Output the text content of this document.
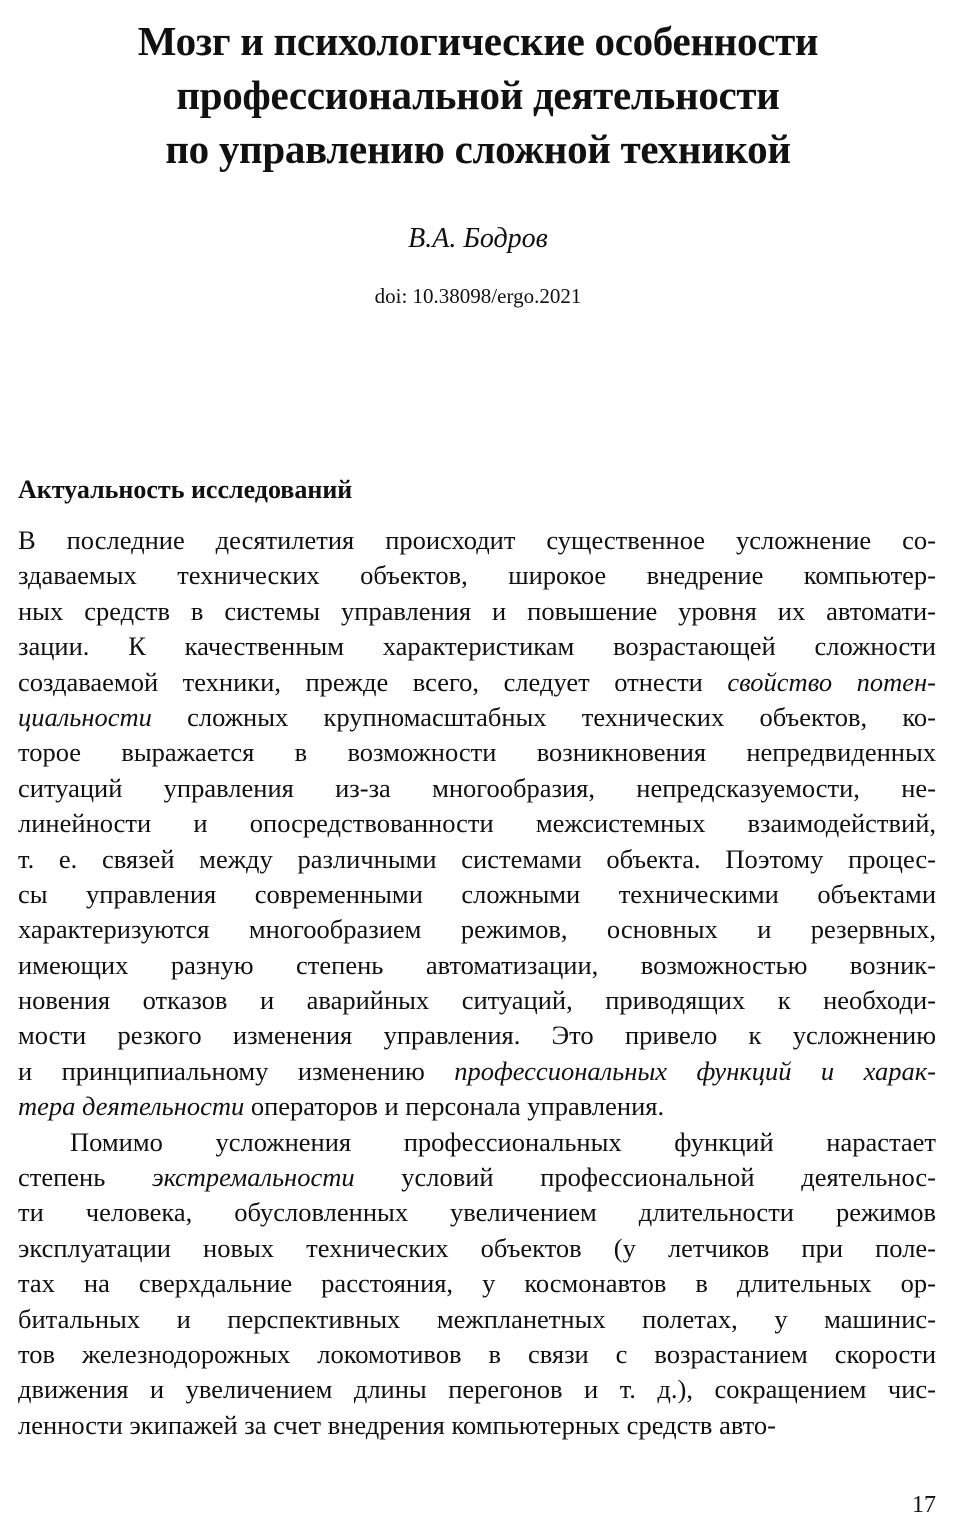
Мозг и психологические особенности
профессиональной деятельности
по управлению сложной техникой
В.А. Бодров
doi: 10.38098/ergo.2021
Актуальность исследований
В последние десятилетия происходит существенное усложнение со-
здаваемых технических объектов, широкое внедрение компьютер-
ных средств в системы управления и повышение уровня их автомати-
зации. К качественным характеристикам возрастающей сложности
создаваемой техники, прежде всего, следует отнести свойство потен-
циальности сложных крупномасштабных технических объектов, ко-
торое выражается в возможности возникновения непредвиденных
ситуаций управления из-за многообразия, непредсказуемости, не-
линейности и опосредствованности межсистемных взаимодействий,
т. е. связей между различными системами объекта. Поэтому процес-
сы управления современными сложными техническими объектами
характеризуются многообразием режимов, основных и резервных,
имеющих разную степень автоматизации, возможностью возник-
новения отказов и аварийных ситуаций, приводящих к необходи-
мости резкого изменения управления. Это привело к усложнению
и принципиальному изменению профессиональных функций и харак-
тера деятельности операторов и персонала управления.
Помимо усложнения профессиональных функций нарастает
степень экстремальности условий профессиональной деятельнос-
ти человека, обусловленных увеличением длительности режимов
эксплуатации новых технических объектов (у летчиков при поле-
тах на сверхдальние расстояния, у космонавтов в длительных ор-
битальных и перспективных межпланетных полетах, у машинис-
тов железнодорожных локомотивов в связи с возрастанием скорости
движения и увеличением длины перегонов и т. д.), сокращением чис-
ленности экипажей за счет внедрения компьютерных средств авто-
17
